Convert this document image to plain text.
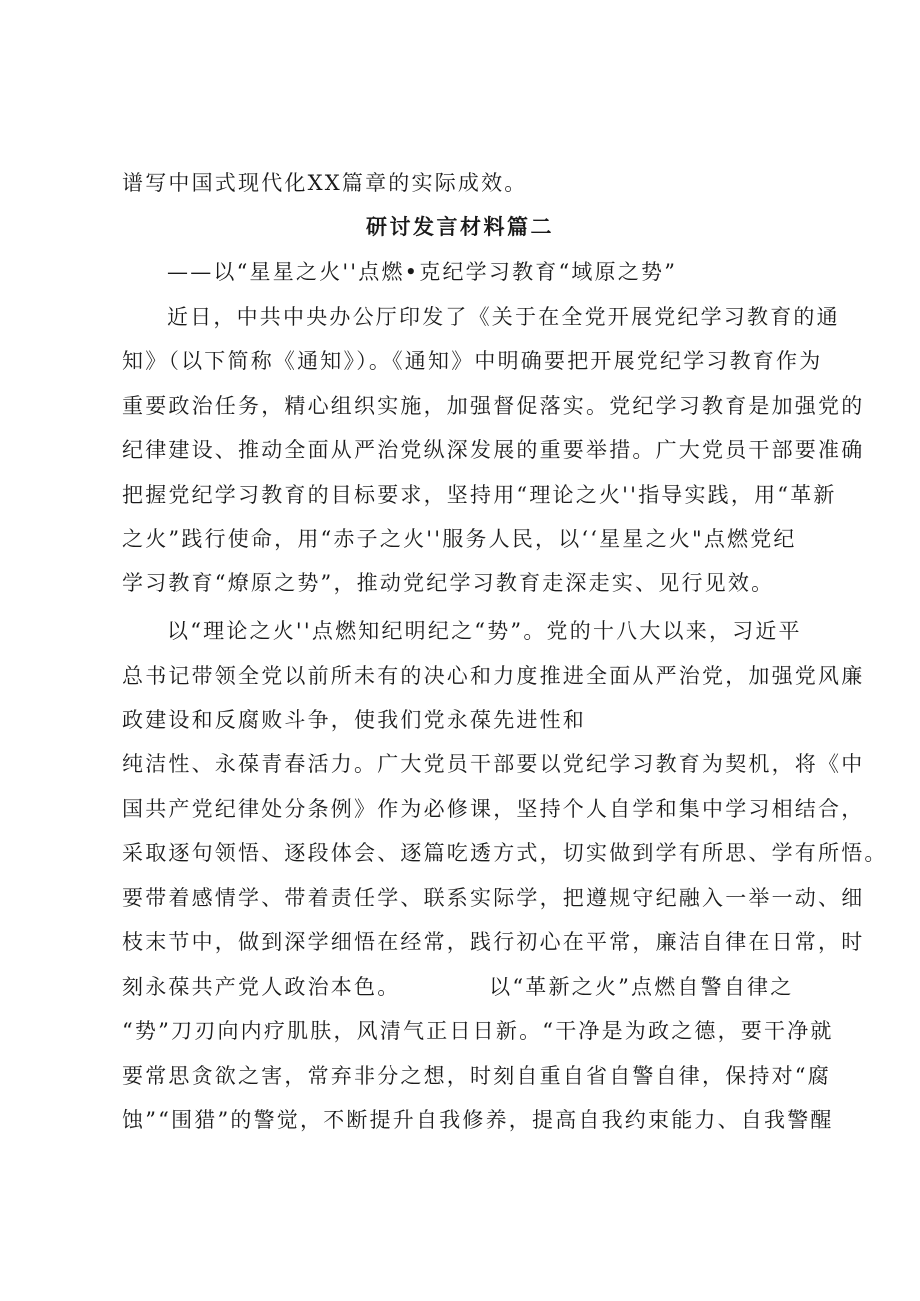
谱写中国式现代化XX篇章的实际成效。
研讨发言材料篇二
——以“星星之火''点燃•克纪学习教育“域原之势”
近日，中共中央办公厅印发了《关于在全党开展党纪学习教育的通
知》（以下简称《通知》）。《通知》中明确要把开展党纪学习教育作为
重要政治任务，精心组织实施，加强督促落实。党纪学习教育是加强党的
纪律建设、推动全面从严治党纵深发展的重要举措。广大党员干部要准确
把握党纪学习教育的目标要求，坚持用“理论之火''指导实践，用“革新
之火”践行使命，用“赤子之火''服务人民，以‘‘星星之火"点燃党纪
学习教育“燎原之势”，推动党纪学习教育走深走实、见行见效。
以“理论之火''点燃知纪明纪之“势”。党的十八大以来，习近平
总书记带领全党以前所未有的决心和力度推进全面从严治党，加强党风廉
政建设和反腐败斗争，使我们党永葆先进性和
纯洁性、永葆青春活力。广大党员干部要以党纪学习教育为契机，将《中
国共产党纪律处分条例》作为必修课，坚持个人自学和集中学习相结合，
采取逐句领悟、逐段体会、逐篇吃透方式，切实做到学有所思、学有所悟。
要带着感情学、带着责任学、联系实际学，把遵规守纪融入一举一动、细
枝末节中，做到深学细悟在经常，践行初心在平常，廉洁自律在日常，时
刻永葆共产党人政治本色。          以“革新之火”点燃自警自律之
“势”刀刃向内疗肌肤，风清气正日日新。“干净是为政之德，要干净就
要常思贪欲之害，常弃非分之想，时刻自重自省自警自律，保持对“腐
蚀”“围猎”的警觉，不断提升自我修养，提高自我约束能力、自我警醒
